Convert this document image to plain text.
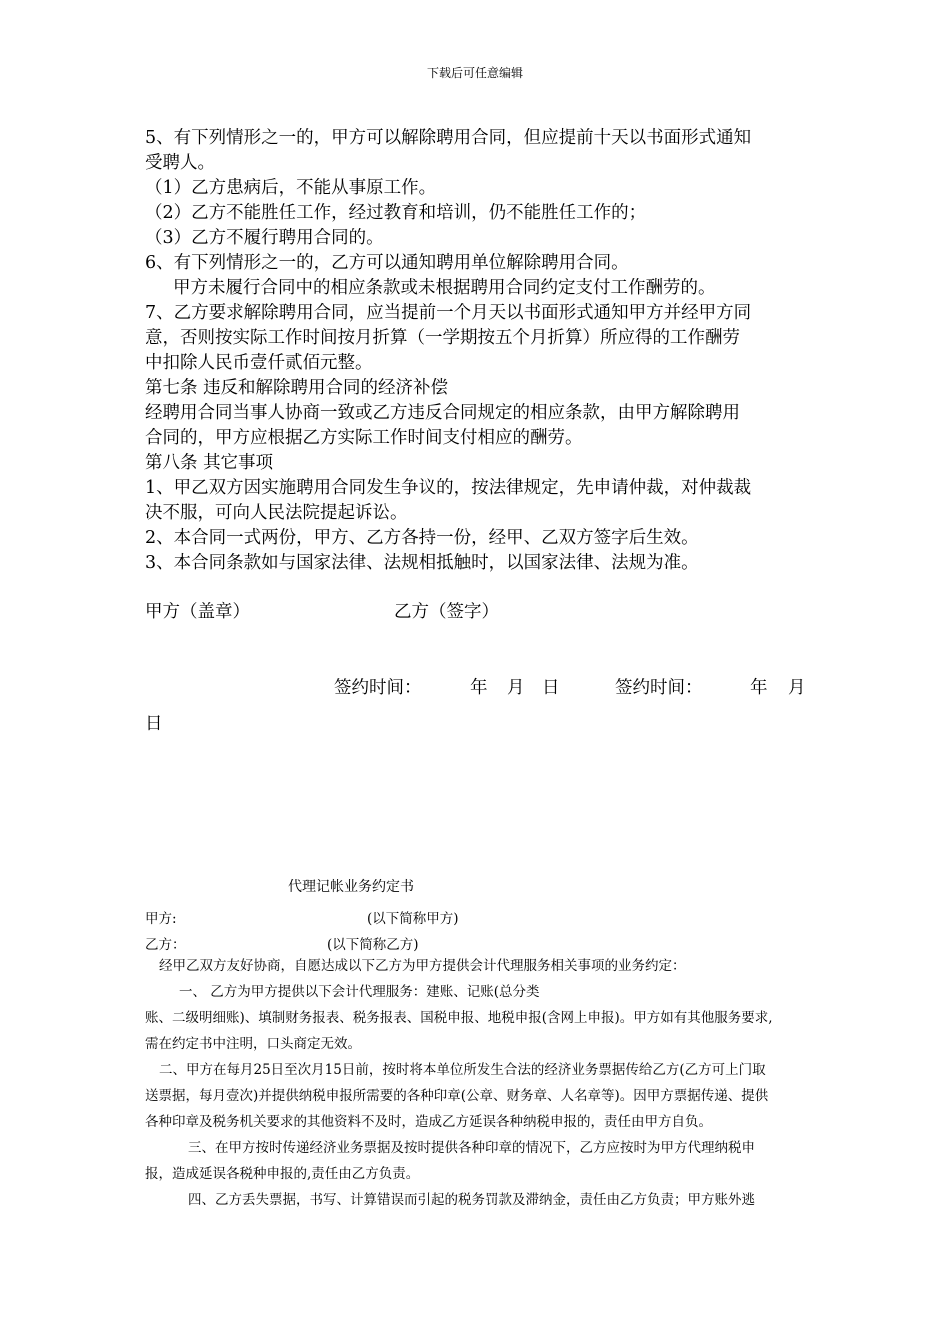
下载后可任意编辑

5、有下列情形之一的，甲方可以解除聘用合同，但应提前十天以书面形式通知

受聘人。

（1）乙方患病后，不能从事原工作。

（2）乙方不能胜任工作，经过教育和培训，仍不能胜任工作的；

（3）乙方不履行聘用合同的。

6、有下列情形之一的，乙方可以通知聘用单位解除聘用合同。

甲方未履行合同中的相应条款或未根据聘用合同约定支付工作酬劳的。

7、乙方要求解除聘用合同，应当提前一个月天以书面形式通知甲方并经甲方同

意，否则按实际工作时间按月折算（一学期按五个月折算）所应得的工作酬劳

中扣除人民币壹仟贰佰元整。

第七条 违反和解除聘用合同的经济补偿

经聘用合同当事人协商一致或乙方违反合同规定的相应条款，由甲方解除聘用

合同的，甲方应根据乙方实际工作时间支付相应的酬劳。

第八条 其它事项

1、甲乙双方因实施聘用合同发生争议的，按法律规定，先申请仲裁，对仲裁裁

决不服，可向人民法院提起诉讼。

2、本合同一式两份，甲方、乙方各持一份，经甲、乙双方签字后生效。

3、本合同条款如与国家法律、法规相抵触时，以国家法律、法规为准。

甲方（盖章）	乙方（签字）
签约时间：	年 月 日	签约时间：	年 月
日
代理记帐业务约定书
甲方:	(以下简称甲方)
乙方：	(以下简称乙方)

经甲乙双方友好协商，自愿达成以下乙方为甲方提供会计代理服务相关事项的业务约定：

一、 乙方为甲方提供以下会计代理服务：建账、记账(总分类

账、二级明细账)、填制财务报表、税务报表、国税申报、地税申报(含网上申报)。甲方如有其他服务要求,

需在约定书中注明，口头商定无效。

二、甲方在每月25日至次月15日前，按时将本单位所发生合法的经济业务票据传给乙方(乙方可上门取

送票据，每月壹次)并提供纳税申报所需要的各种印章(公章、财务章、人名章等)。因甲方票据传递、提供

各种印章及税务机关要求的其他资料不及时，造成乙方延误各种纳税申报的，责任由甲方自负。

三、在甲方按时传递经济业务票据及按时提供各种印章的情况下，乙方应按时为甲方代理纳税申

报，造成延误各税种申报的,责任由乙方负责。

四、乙方丢失票据，书写、计算错误而引起的税务罚款及滞纳金，责任由乙方负责；甲方账外逃
